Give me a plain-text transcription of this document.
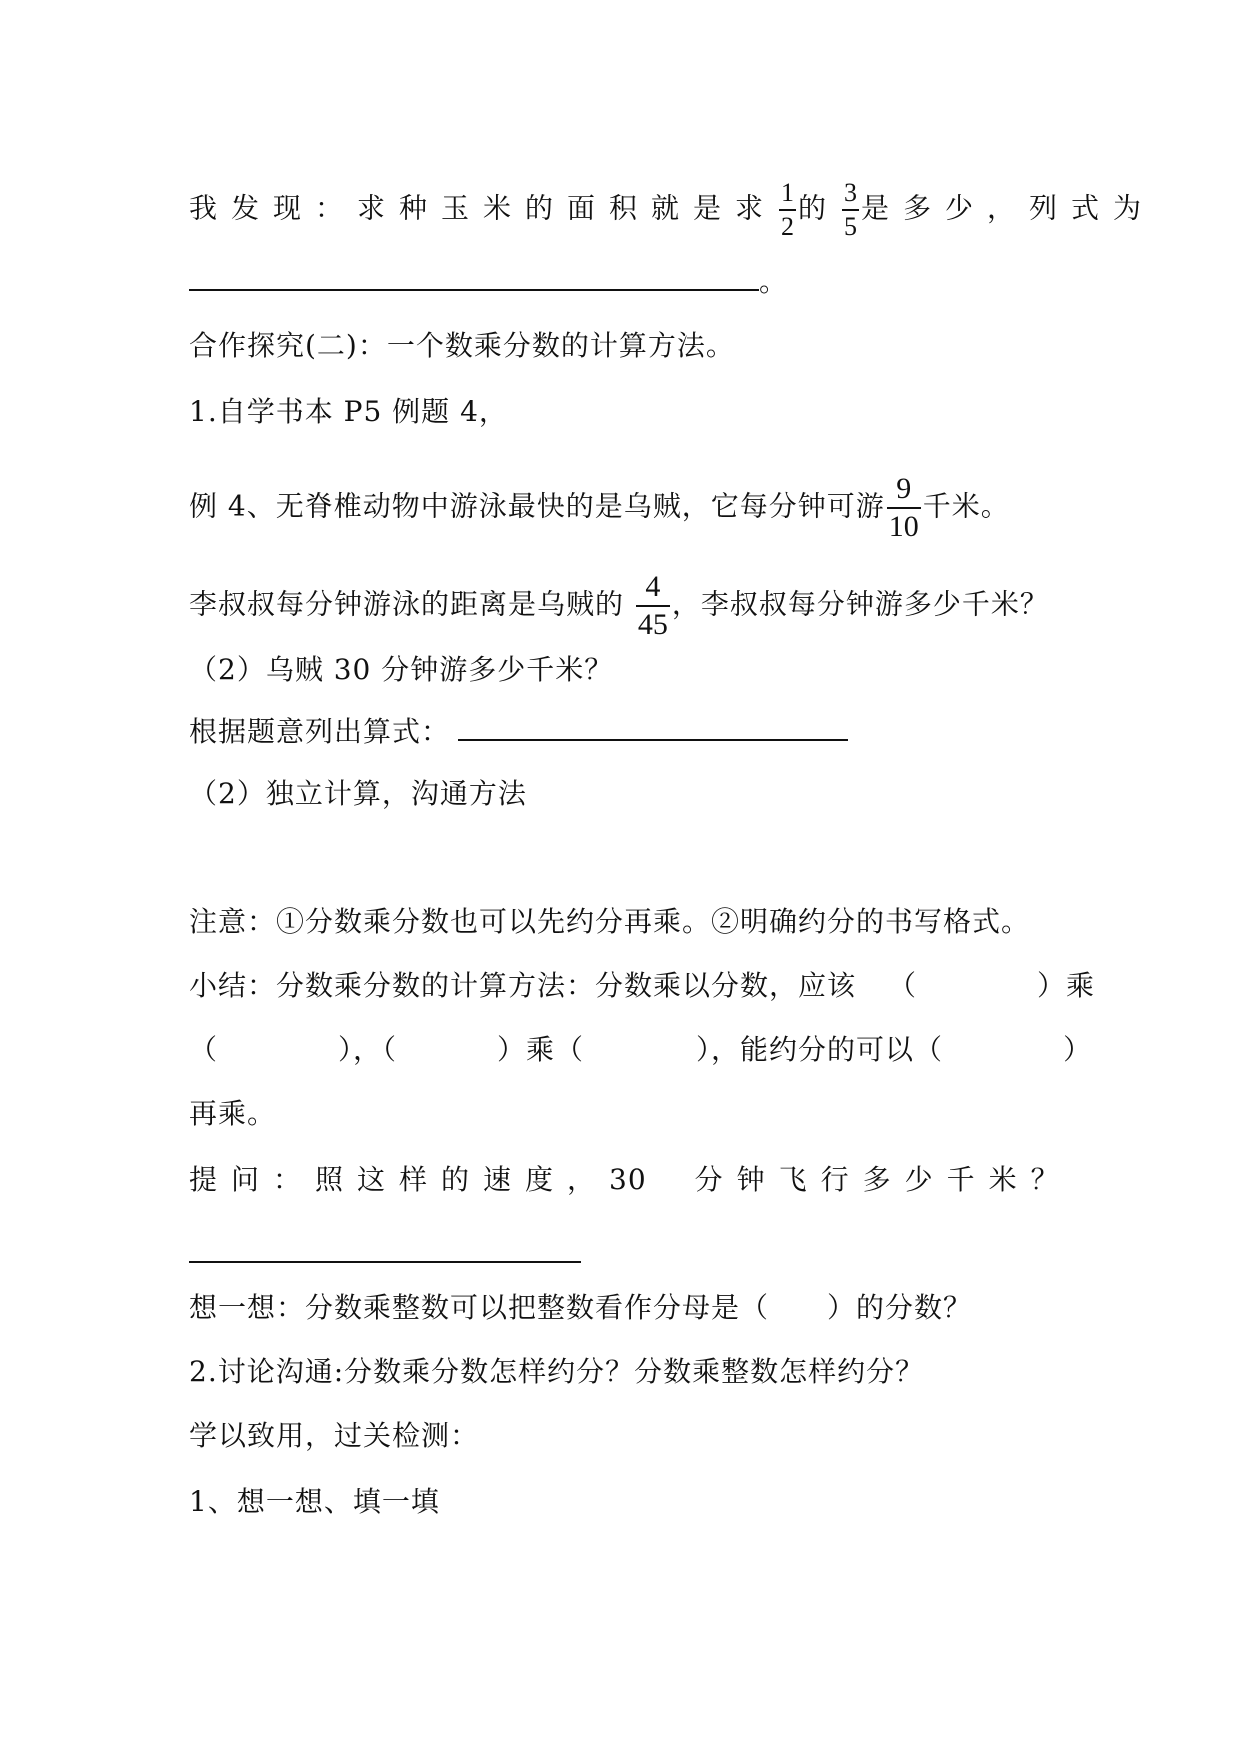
我发现：求种玉米的面积就是求 $\frac{1}{2}$ 的 $\frac{3}{5}$ 是多少，列式为
。
合作探究(二)：一个数乘分数的计算方法。
1.自学书本 P5 例题 4，
例 4、无脊椎动物中游泳最快的是乌贼，它每分钟可游 $\frac{9}{10}$ 千米。
李叔叔每分钟游泳的距离是乌贼的 $\frac{4}{45}$ ，李叔叔每分钟游多少千米？
（2）乌贼 30 分钟游多少千米？
根据题意列出算式：
（2）独立计算，沟通方法
注意：①分数乘分数也可以先约分再乘。②明确约分的书写格式。
小结：分数乘分数的计算方法：分数乘以分数，应该 （	）乘
（	），（	）乘（	），能约分的可以（	）
再乘。
提问：照这样的速度，30 分钟飞行多少千米？
想一想：分数乘整数可以把整数看作分母是（　　）的分数？
2.讨论沟通:分数乘分数怎样约分？分数乘整数怎样约分？
学以致用，过关检测：
1、想一想、填一填
